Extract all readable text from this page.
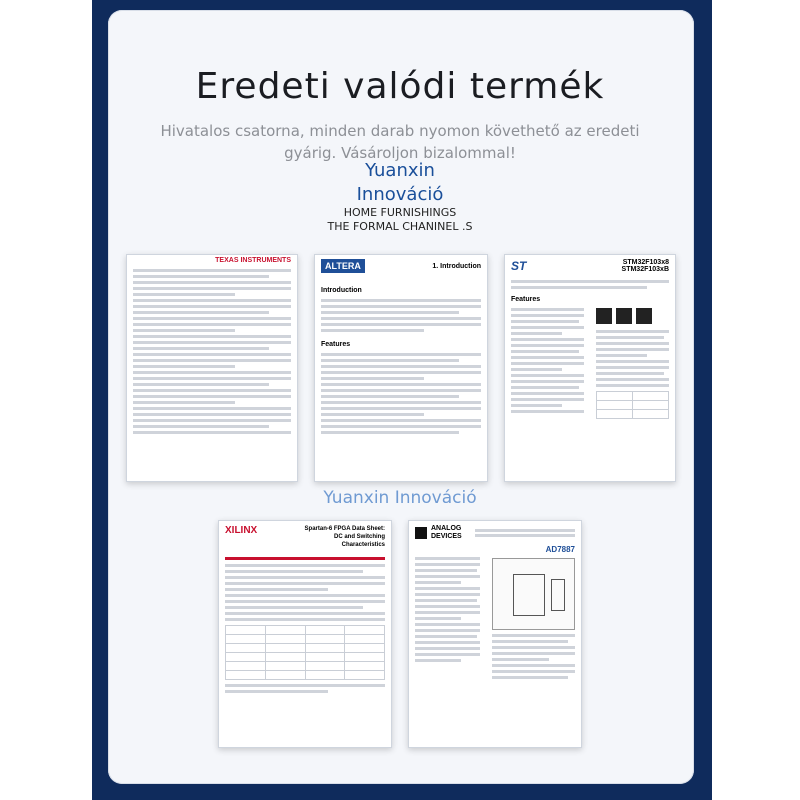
Eredeti valódi termék
Hivatalos csatorna, minden darab nyomon követhető az eredeti gyárig. Vásároljon bizalommal!
Yuanxin
Innováció
HOME FURNISHINGS
THE FORMAL CHANINEL .S
TEXAS INSTRUMENTS
ALTERA	1. Introduction
Introduction
Features
ST	STM32F103x8
STM32F103xB
Features

Yuanxin Innováció
XILINX	Spartan-6 FPGA Data Sheet: DC and Switching Characteristics

ANALOG DEVICES
AD7887
